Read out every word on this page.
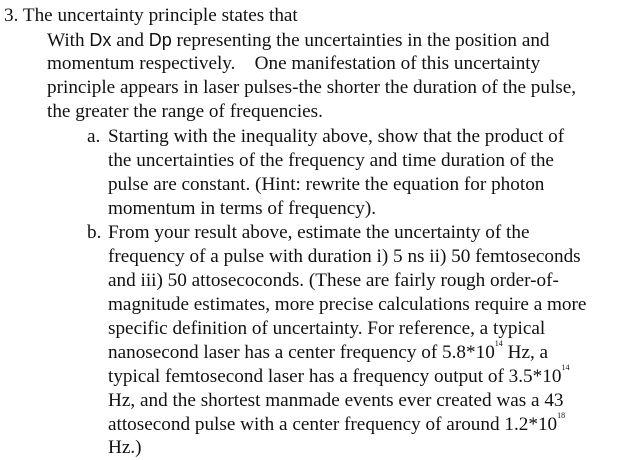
3. The uncertainty principle states that
With Dx and Dp representing the uncertainties in the position and
momentum respectively.    One manifestation of this uncertainty
principle appears in laser pulses-the shorter the duration of the pulse,
the greater the range of frequencies.
a. Starting with the inequality above, show that the product of
the uncertainties of the frequency and time duration of the
pulse are constant. (Hint: rewrite the equation for photon
momentum in terms of frequency).
b. From your result above, estimate the uncertainty of the
frequency of a pulse with duration i) 5 ns ii) 50 femtoseconds
and iii) 50 attosecoconds. (These are fairly rough order-of-
magnitude estimates, more precise calculations require a more
specific definition of uncertainty. For reference, a typical
nanosecond laser has a center frequency of $5.8*10^{14}$ Hz, a
typical femtosecond laser has a frequency output of $3.5*10^{14}$
Hz, and the shortest manmade events ever created was a 43
attosecond pulse with a center frequency of around $1.2*10^{18}$
Hz.)
